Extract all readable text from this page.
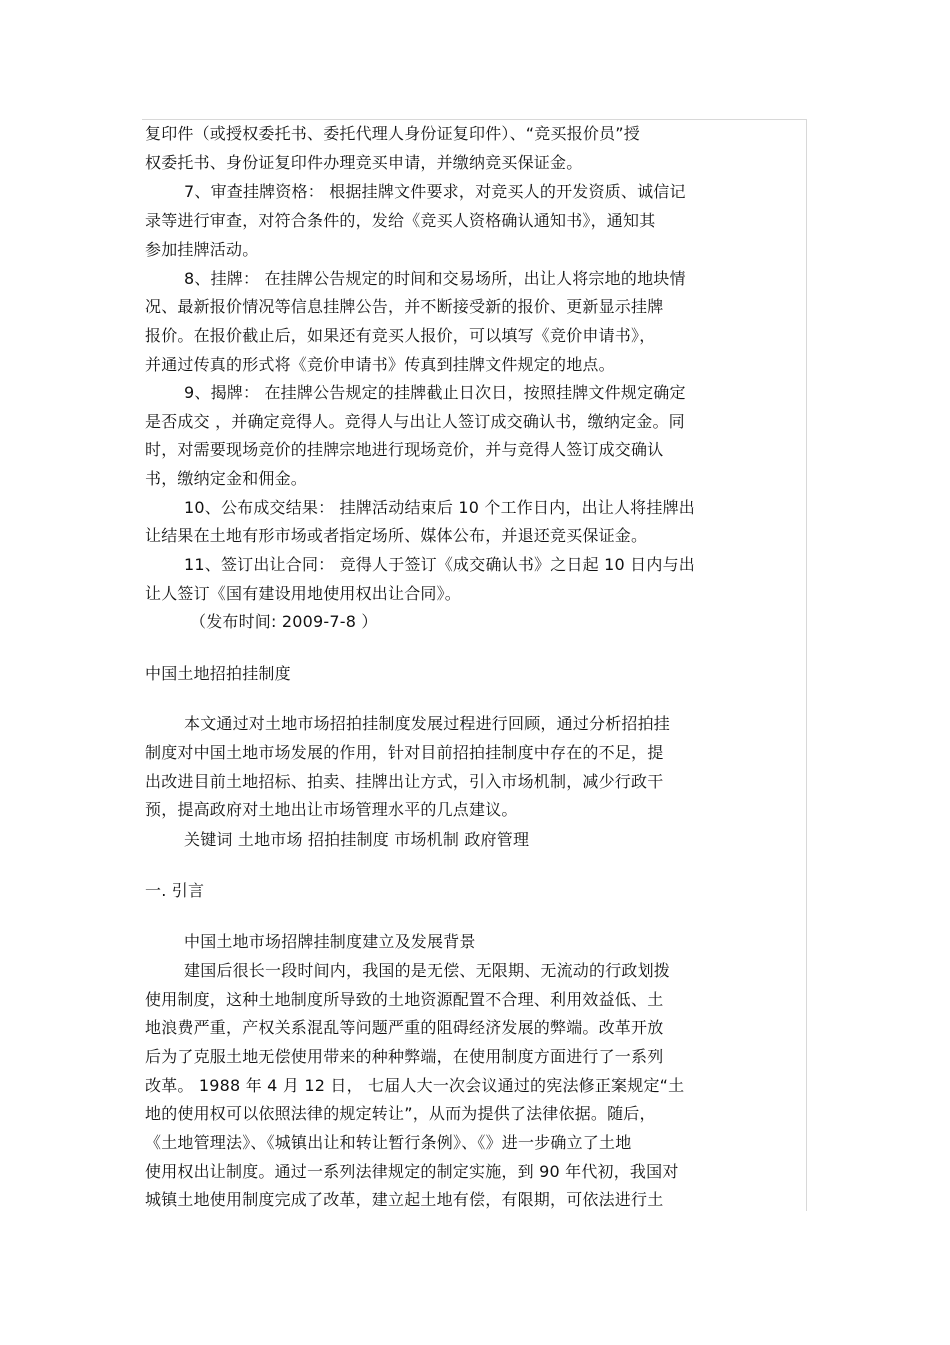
复印件（或授权委托书、委托代理人身份证复印件）、“竞买报价员”授
权委托书、身份证复印件办理竞买申请，并缴纳竞买保证金。
7、审查挂牌资格： 根据挂牌文件要求，对竞买人的开发资质、诚信记
录等进行审查，对符合条件的，发给《竞买人资格确认通知书》，通知其
参加挂牌活动。
8、挂牌： 在挂牌公告规定的时间和交易场所，出让人将宗地的地块情
况、最新报价情况等信息挂牌公告，并不断接受新的报价、更新显示挂牌
报价。在报价截止后，如果还有竞买人报价，可以填写《竞价申请书》，
并通过传真的形式将《竞价申请书》传真到挂牌文件规定的地点。
9、揭牌： 在挂牌公告规定的挂牌截止日次日，按照挂牌文件规定确定
是否成交 ，并确定竞得人。竞得人与出让人签订成交确认书，缴纳定金。同
时，对需要现场竞价的挂牌宗地进行现场竞价，并与竞得人签订成交确认
书，缴纳定金和佣金。
10、公布成交结果： 挂牌活动结束后 10 个工作日内，出让人将挂牌出
让结果在土地有形市场或者指定场所、媒体公布，并退还竞买保证金。
11、签订出让合同： 竞得人于签订《成交确认书》之日起 10 日内与出
让人签订《国有建设用地使用权出让合同》。
（发布时间: 2009-7-8 ）
中国土地招拍挂制度
本文通过对土地市场招拍挂制度发展过程进行回顾，通过分析招拍挂
制度对中国土地市场发展的作用，针对目前招拍挂制度中存在的不足，提
出改进目前土地招标、拍卖、挂牌出让方式，引入市场机制，减少行政干
预，提高政府对土地出让市场管理水平的几点建议。
关键词 土地市场 招拍挂制度 市场机制 政府管理
一. 引言
中国土地市场招牌挂制度建立及发展背景
建国后很长一段时间内，我国的是无偿、无限期、无流动的行政划拨
使用制度，这种土地制度所导致的土地资源配置不合理、利用效益低、土
地浪费严重，产权关系混乱等问题严重的阻碍经济发展的弊端。改革开放
后为了克服土地无偿使用带来的种种弊端，在使用制度方面进行了一系列
改革。 1988 年 4 月 12 日， 七届人大一次会议通过的宪法修正案规定“土
地的使用权可以依照法律的规定转让”，从而为提供了法律依据。随后，
《土地管理法》、《城镇出让和转让暂行条例》、《》进一步确立了土地
使用权出让制度。通过一系列法律规定的制定实施，到 90 年代初，我国对
城镇土地使用制度完成了改革，建立起土地有偿，有限期，可依法进行土
